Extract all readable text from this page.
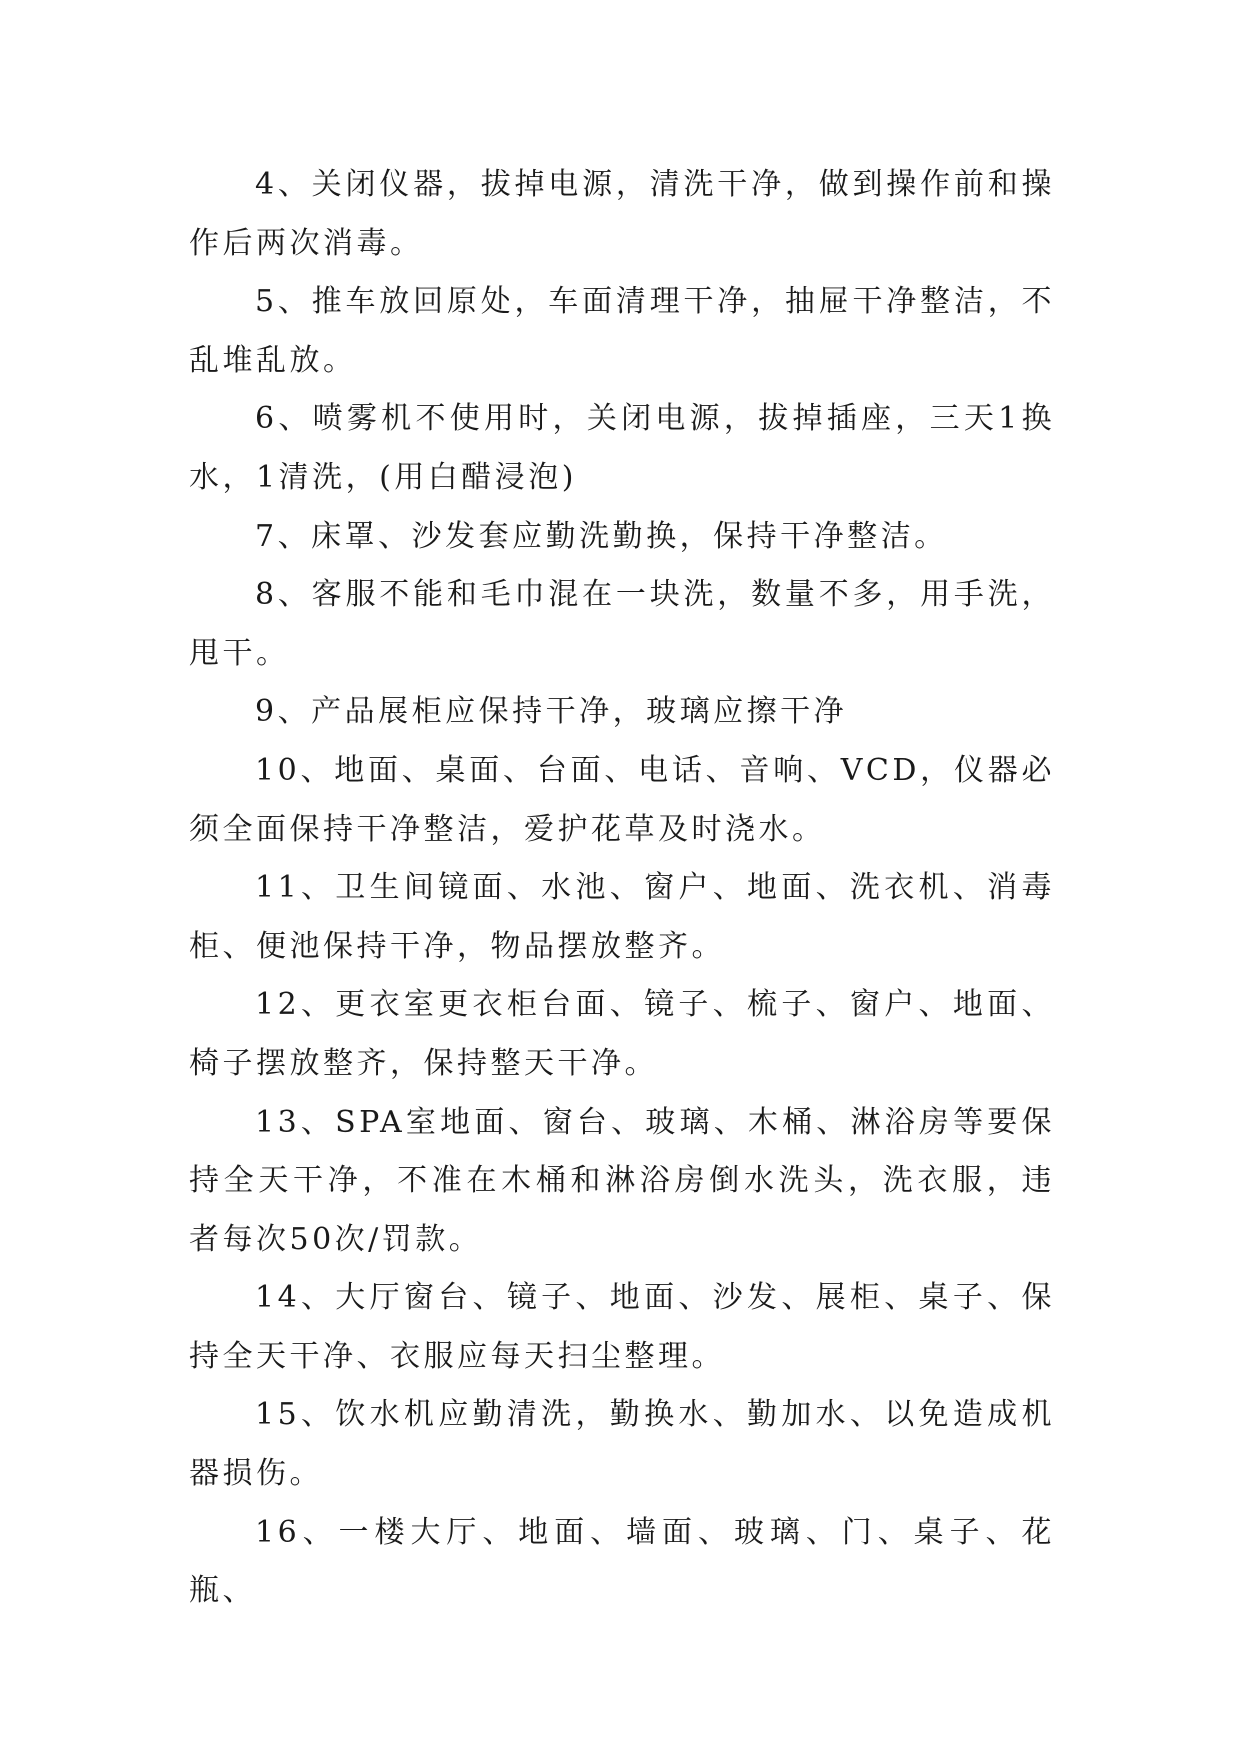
4、关闭仪器，拔掉电源，清洗干净，做到操作前和操作后两次消毒。

5、推车放回原处，车面清理干净，抽屉干净整洁，不乱堆乱放。

6、喷雾机不使用时，关闭电源，拔掉插座，三天1换水，1清洗，(用白醋浸泡)

7、床罩、沙发套应勤洗勤换，保持干净整洁。

8、客服不能和毛巾混在一块洗，数量不多，用手洗，甩干。

9、产品展柜应保持干净，玻璃应擦干净

10、地面、桌面、台面、电话、音响、VCD，仪器必须全面保持干净整洁，爱护花草及时浇水。

11、卫生间镜面、水池、窗户、地面、洗衣机、消毒柜、便池保持干净，物品摆放整齐。

12、更衣室更衣柜台面、镜子、梳子、窗户、地面、椅子摆放整齐，保持整天干净。

13、SPA室地面、窗台、玻璃、木桶、淋浴房等要保持全天干净，不准在木桶和淋浴房倒水洗头，洗衣服，违者每次50次/罚款。

14、大厅窗台、镜子、地面、沙发、展柜、桌子、保持全天干净、衣服应每天扫尘整理。

15、饮水机应勤清洗，勤换水、勤加水、以免造成机器损伤。

16、一楼大厅、地面、墙面、玻璃、门、桌子、花瓶、
